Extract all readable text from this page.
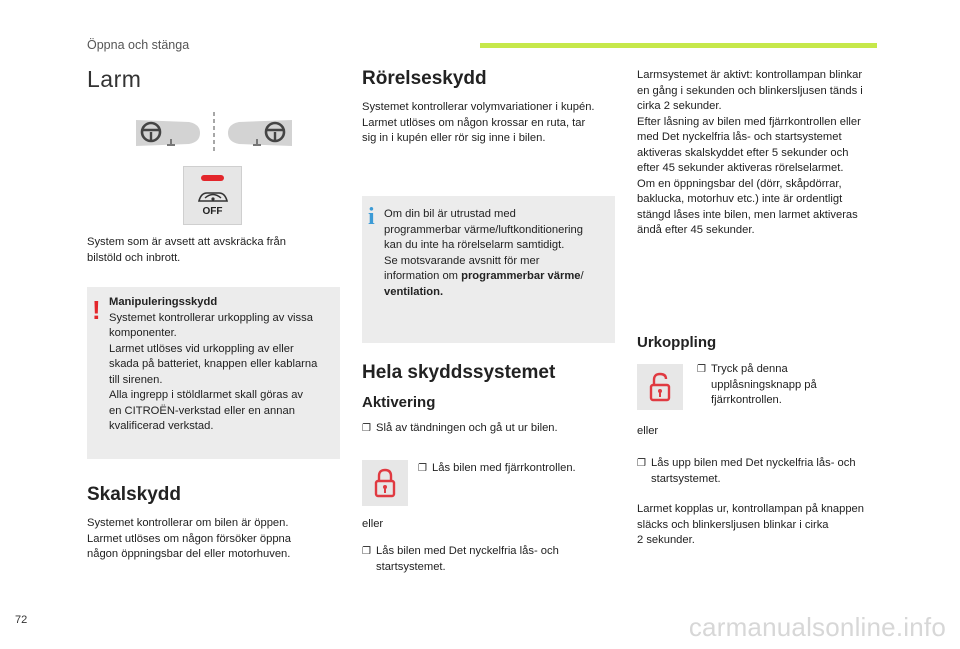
Öppna och stänga
Larm
OFF
System som är avsett att avskräcka från
bilstöld och inbrott.
! Manipuleringsskydd
Systemet kontrollerar urkoppling av vissa
komponenter.
Larmet utlöses vid urkoppling av eller
skada på batteriet, knappen eller kablarna
till sirenen.
Alla ingrepp i stöldlarmet skall göras av
en CITROËN-verkstad eller en annan
kvalificerad verkstad.
Skalskydd
Systemet kontrollerar om bilen är öppen.
Larmet utlöses om någon försöker öppna
någon öppningsbar del eller motorhuven.
Rörelseskydd
Systemet kontrollerar volymvariationer i kupén.
Larmet utlöses om någon krossar en ruta, tar
sig in i kupén eller rör sig inne i bilen.
i Om din bil är utrustad med
programmerbar värme/luftkonditionering
kan du inte ha rörelselarm samtidigt.
Se motsvarande avsnitt för mer
information om programmerbar värme/
ventilation.
Hela skyddssystemet
Aktivering
❐ Slå av tändningen och gå ut ur bilen.
❐ Lås bilen med fjärrkontrollen.
eller
❐ Lås bilen med Det nyckelfria lås- och
startsystemet.
Larmsystemet är aktivt: kontrollampan blinkar
en gång i sekunden och blinkersljusen tänds i
cirka 2 sekunder.
Efter låsning av bilen med fjärrkontrollen eller
med Det nyckelfria lås- och startsystemet
aktiveras skalskyddet efter 5 sekunder och
efter 45 sekunder aktiveras rörelselarmet.
Om en öppningsbar del (dörr, skåpdörrar,
baklucka, motorhuv etc.) inte är ordentligt
stängd låses inte bilen, men larmet aktiveras
ändå efter 45 sekunder.
Urkoppling
❐ Tryck på denna
upplåsningsknapp på
fjärrkontrollen.
eller
❐ Lås upp bilen med Det nyckelfria lås- och
startsystemet.
Larmet kopplas ur, kontrollampan på knappen
släcks och blinkersljusen blinkar i cirka
2 sekunder.
72	carmanualsonline.info
